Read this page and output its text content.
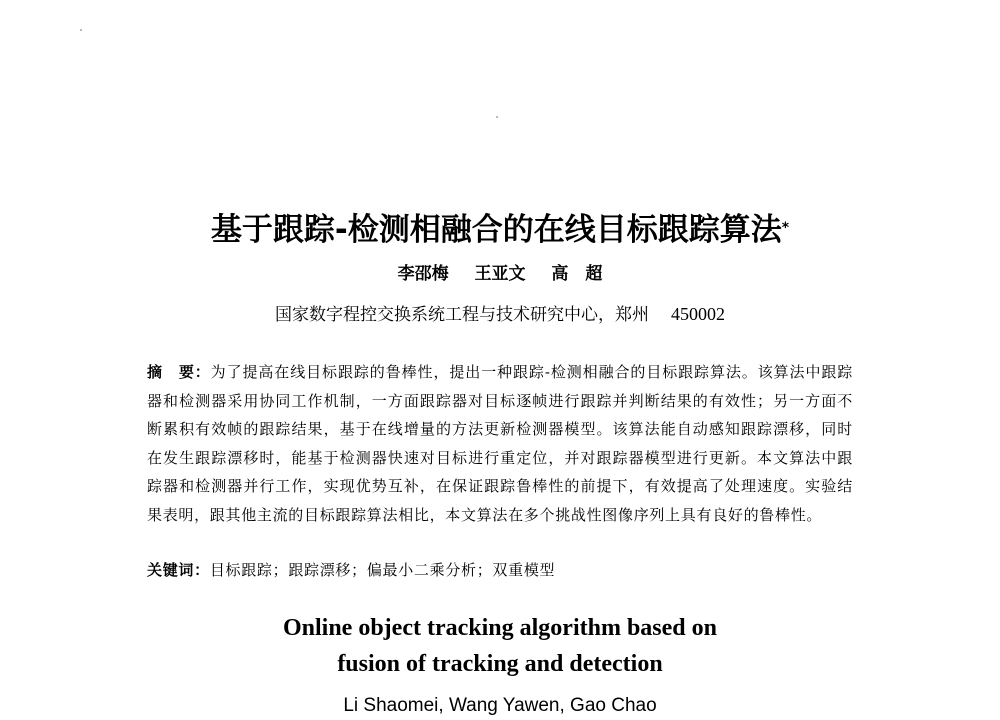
基于跟踪-检测相融合的在线目标跟踪算法*
李邵梅 王亚文 高　超
国家数字程控交换系统工程与技术研究中心，郑州 450002
摘　要：为了提高在线目标跟踪的鲁棒性，提出一种跟踪-检测相融合的目标跟踪算法。该算法中跟踪器和检测器采用协同工作机制，一方面跟踪器对目标逐帧进行跟踪并判断结果的有效性；另一方面不断累积有效帧的跟踪结果，基于在线增量的方法更新检测器模型。该算法能自动感知跟踪漂移，同时在发生跟踪漂移时，能基于检测器快速对目标进行重定位，并对跟踪器模型进行更新。本文算法中跟踪器和检测器并行工作，实现优势互补，在保证跟踪鲁棒性的前提下，有效提高了处理速度。实验结果表明，跟其他主流的目标跟踪算法相比，本文算法在多个挑战性图像序列上具有良好的鲁棒性。
关键词：目标跟踪；跟踪漂移；偏最小二乘分析；双重模型
Online object tracking algorithm based on
fusion of tracking and detection
Li Shaomei, Wang Yawen, Gao Chao
